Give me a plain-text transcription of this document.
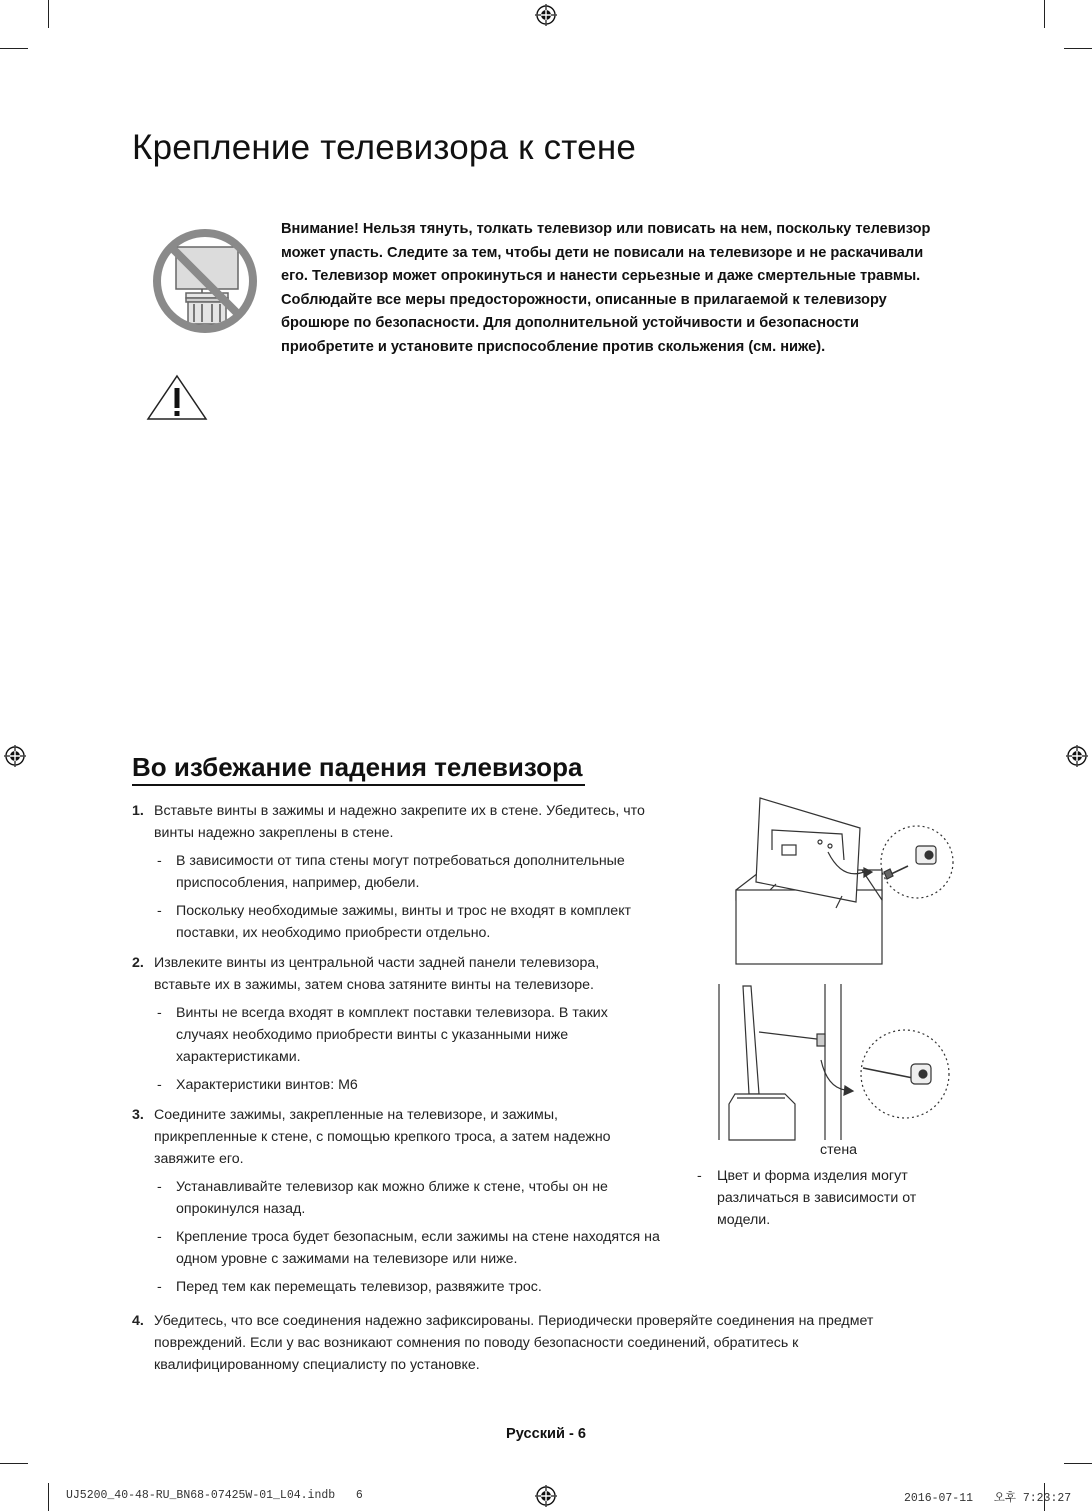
Крепление телевизора к стене

Внимание! Нельзя тянуть, толкать телевизор или повисать на нем, поскольку телевизор может упасть. Следите за тем, чтобы дети не повисали на телевизоре и не раскачивали его. Телевизор может опрокинуться и нанести серьезные и даже смертельные травмы. Соблюдайте все меры предосторожности, описанные в прилагаемой к телевизору брошюре по безопасности. Для дополнительной устойчивости и безопасности приобретите и установите приспособление против скольжения (см. ниже).

Во избежание падения телевизора
1. Вставьте винты в зажимы и надежно закрепите их в стене. Убедитесь, что винты надежно закреплены в стене.
- В зависимости от типа стены могут потребоваться дополнительные приспособления, например, дюбели.
- Поскольку необходимые зажимы, винты и трос не входят в комплект поставки, их необходимо приобрести отдельно.
2. Извлеките винты из центральной части задней панели телевизора, вставьте их в зажимы, затем снова затяните винты на телевизоре.
- Винты не всегда входят в комплект поставки телевизора. В таких случаях необходимо приобрести винты с указанными ниже характеристиками.
- Характеристики винтов: M6
3. Соедините зажимы, закрепленные на телевизоре, и зажимы, прикрепленные к стене, с помощью крепкого троса, а затем надежно завяжите его.
- Устанавливайте телевизор как можно ближе к стене, чтобы он не опрокинулся назад.
- Крепление троса будет безопасным, если зажимы на стене находятся на одном уровне с зажимами на телевизоре или ниже.
- Перед тем как перемещать телевизор, развяжите трос.
4. Убедитесь, что все соединения надежно зафиксированы. Периодически проверяйте соединения на предмет повреждений. Если у вас возникают сомнения по поводу безопасности соединений, обратитесь к квалифицированному специалисту по установке.
стена
- Цвет и форма изделия могут различаться в зависимости от модели.
Русский - 6
UJ5200_40-48-RU_BN68-07425W-01_L04.indb   6	2016-07-11   오후 7:23:27
